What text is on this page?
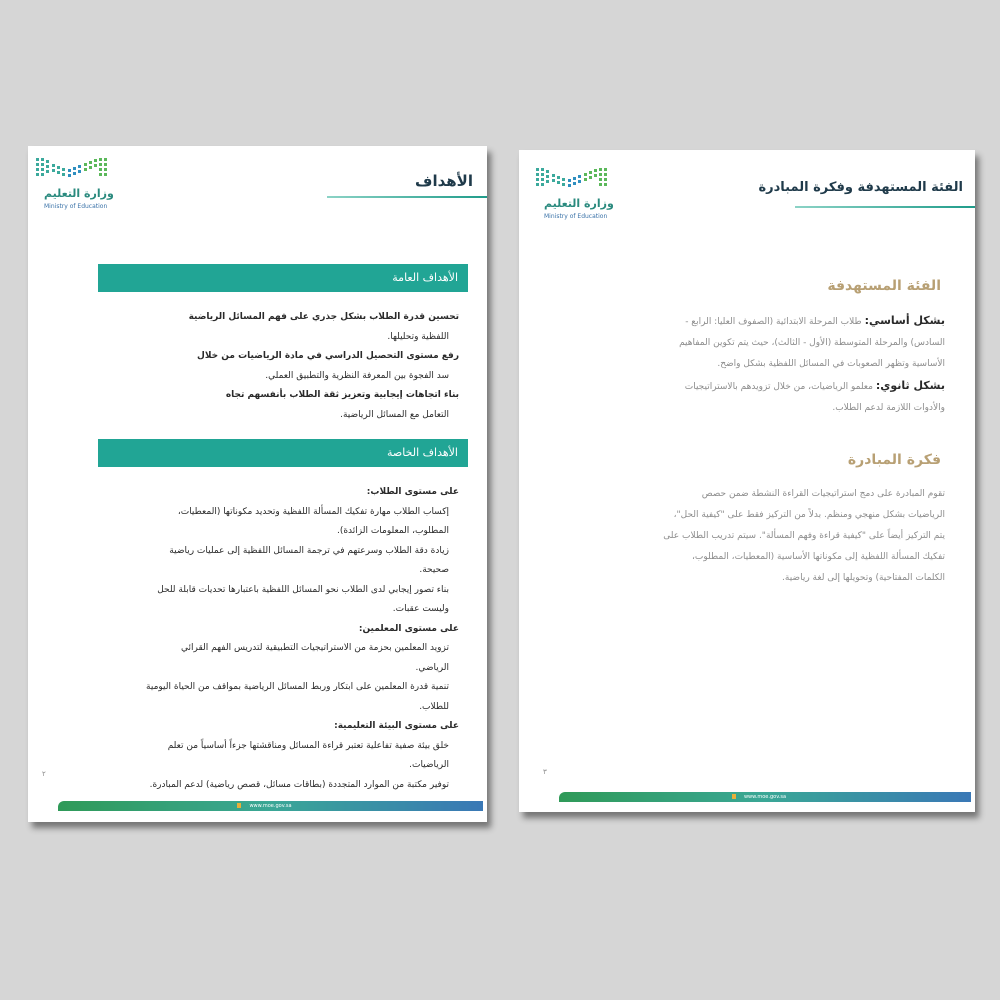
وزارة التعليم
Ministry of Education
الأهداف
الأهداف العامة

تحسين قدرة الطلاب بشكل جذري على فهم المسائل الرياضية

اللفظية وتحليلها.

رفع مستوى التحصيل الدراسي في مادة الرياضيات من خلال

سد الفجوة بين المعرفة النظرية والتطبيق العملي.

بناء اتجاهات إيجابية وتعزيز ثقة الطلاب بأنفسهم تجاه

التعامل مع المسائل الرياضية.

الأهداف الخاصة

على مستوى الطلاب:

إكساب الطلاب مهارة تفكيك المسألة اللفظية وتحديد مكوناتها (المعطيات،

المطلوب، المعلومات الزائدة).

زيادة دقة الطلاب وسرعتهم في ترجمة المسائل اللفظية إلى عمليات رياضية

صحيحة.

بناء تصور إيجابي لدى الطلاب نحو المسائل اللفظية باعتبارها تحديات قابلة للحل

وليست عقبات.

على مستوى المعلمين:

تزويد المعلمين بحزمة من الاستراتيجيات التطبيقية لتدريس الفهم القرائي

الرياضي.

تنمية قدرة المعلمين على ابتكار وربط المسائل الرياضية بمواقف من الحياة اليومية

للطلاب.

على مستوى البيئة التعليمية:

خلق بيئة صفية تفاعلية تعتبر قراءة المسائل ومناقشتها جزءاً أساسياً من تعلم

الرياضيات.

توفير مكتبة من الموارد المتجددة (بطاقات مسائل، قصص رياضية) لدعم المبادرة.

٢
www.moe.gov.sa
وزارة التعليم
Ministry of Education
الفئة المستهدفة وفكرة المبادرة
الفئة المستهدفة

بشكل أساسي: طلاب المرحلة الابتدائية (الصفوف العليا: الرابع -

السادس) والمرحلة المتوسطة (الأول - الثالث)، حيث يتم تكوين المفاهيم

الأساسية وتظهر الصعوبات في المسائل اللفظية بشكل واضح.

بشكل ثانوي: معلمو الرياضيات، من خلال تزويدهم بالاستراتيجيات

والأدوات اللازمة لدعم الطلاب.

فكرة المبادرة

تقوم المبادرة على دمج استراتيجيات القراءة النشطة ضمن حصص

الرياضيات بشكل منهجي ومنظم. بدلاً من التركيز فقط على "كيفية الحل"،

يتم التركيز أيضاً على "كيفية قراءة وفهم المسألة". سيتم تدريب الطلاب على

تفكيك المسألة اللفظية إلى مكوناتها الأساسية (المعطيات، المطلوب،

الكلمات المفتاحية) وتحويلها إلى لغة رياضية.

٣
www.moe.gov.sa
